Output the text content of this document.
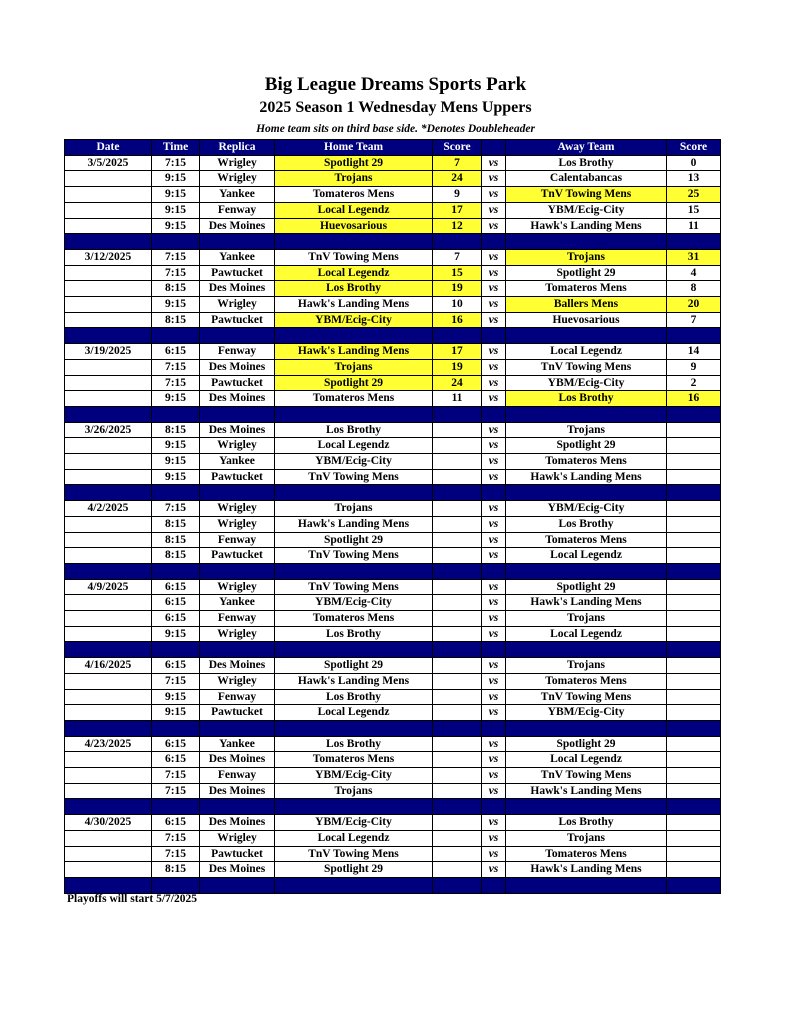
Big League Dreams Sports Park
2025 Season 1 Wednesday Mens Uppers
Home team sits on third base side. *Denotes Doubleheader
Date	Time	Replica	Home Team	Score		Away Team	Score
3/5/2025	7:15	Wrigley	Spotlight 29	7	vs	Los Brothy	0
	9:15	Wrigley	Trojans	24	vs	Calentabancas	13
	9:15	Yankee	Tomateros Mens	9	vs	TnV Towing Mens	25
	9:15	Fenway	Local Legendz	17	vs	YBM/Ecig-City	15
	9:15	Des Moines	Huevosarious	12	vs	Hawk's Landing Mens	11

3/12/2025	7:15	Yankee	TnV Towing Mens	7	vs	Trojans	31
	7:15	Pawtucket	Local Legendz	15	vs	Spotlight 29	4
	8:15	Des Moines	Los Brothy	19	vs	Tomateros Mens	8
	9:15	Wrigley	Hawk's Landing Mens	10	vs	Ballers Mens	20
	8:15	Pawtucket	YBM/Ecig-City	16	vs	Huevosarious	7

3/19/2025	6:15	Fenway	Hawk's Landing Mens	17	vs	Local Legendz	14
	7:15	Des Moines	Trojans	19	vs	TnV Towing Mens	9
	7:15	Pawtucket	Spotlight 29	24	vs	YBM/Ecig-City	2
	9:15	Des Moines	Tomateros Mens	11	vs	Los Brothy	16

3/26/2025	8:15	Des Moines	Los Brothy		vs	Trojans	
	9:15	Wrigley	Local Legendz		vs	Spotlight 29	
	9:15	Yankee	YBM/Ecig-City		vs	Tomateros Mens	
	9:15	Pawtucket	TnV Towing Mens		vs	Hawk's Landing Mens	

4/2/2025	7:15	Wrigley	Trojans		vs	YBM/Ecig-City	
	8:15	Wrigley	Hawk's Landing Mens		vs	Los Brothy	
	8:15	Fenway	Spotlight 29		vs	Tomateros Mens	
	8:15	Pawtucket	TnV Towing Mens		vs	Local Legendz	

4/9/2025	6:15	Wrigley	TnV Towing Mens		vs	Spotlight 29	
	6:15	Yankee	YBM/Ecig-City		vs	Hawk's Landing Mens	
	6:15	Fenway	Tomateros Mens		vs	Trojans	
	9:15	Wrigley	Los Brothy		vs	Local Legendz	

4/16/2025	6:15	Des Moines	Spotlight 29		vs	Trojans	
	7:15	Wrigley	Hawk's Landing Mens		vs	Tomateros Mens	
	9:15	Fenway	Los Brothy		vs	TnV Towing Mens	
	9:15	Pawtucket	Local Legendz		vs	YBM/Ecig-City	

4/23/2025	6:15	Yankee	Los Brothy		vs	Spotlight 29	
	6:15	Des Moines	Tomateros Mens		vs	Local Legendz	
	7:15	Fenway	YBM/Ecig-City		vs	TnV Towing Mens	
	7:15	Des Moines	Trojans		vs	Hawk's Landing Mens	

4/30/2025	6:15	Des Moines	YBM/Ecig-City		vs	Los Brothy	
	7:15	Wrigley	Local Legendz		vs	Trojans	
	7:15	Pawtucket	TnV Towing Mens		vs	Tomateros Mens	
	8:15	Des Moines	Spotlight 29		vs	Hawk's Landing Mens	

Playoffs will start 5/7/2025
